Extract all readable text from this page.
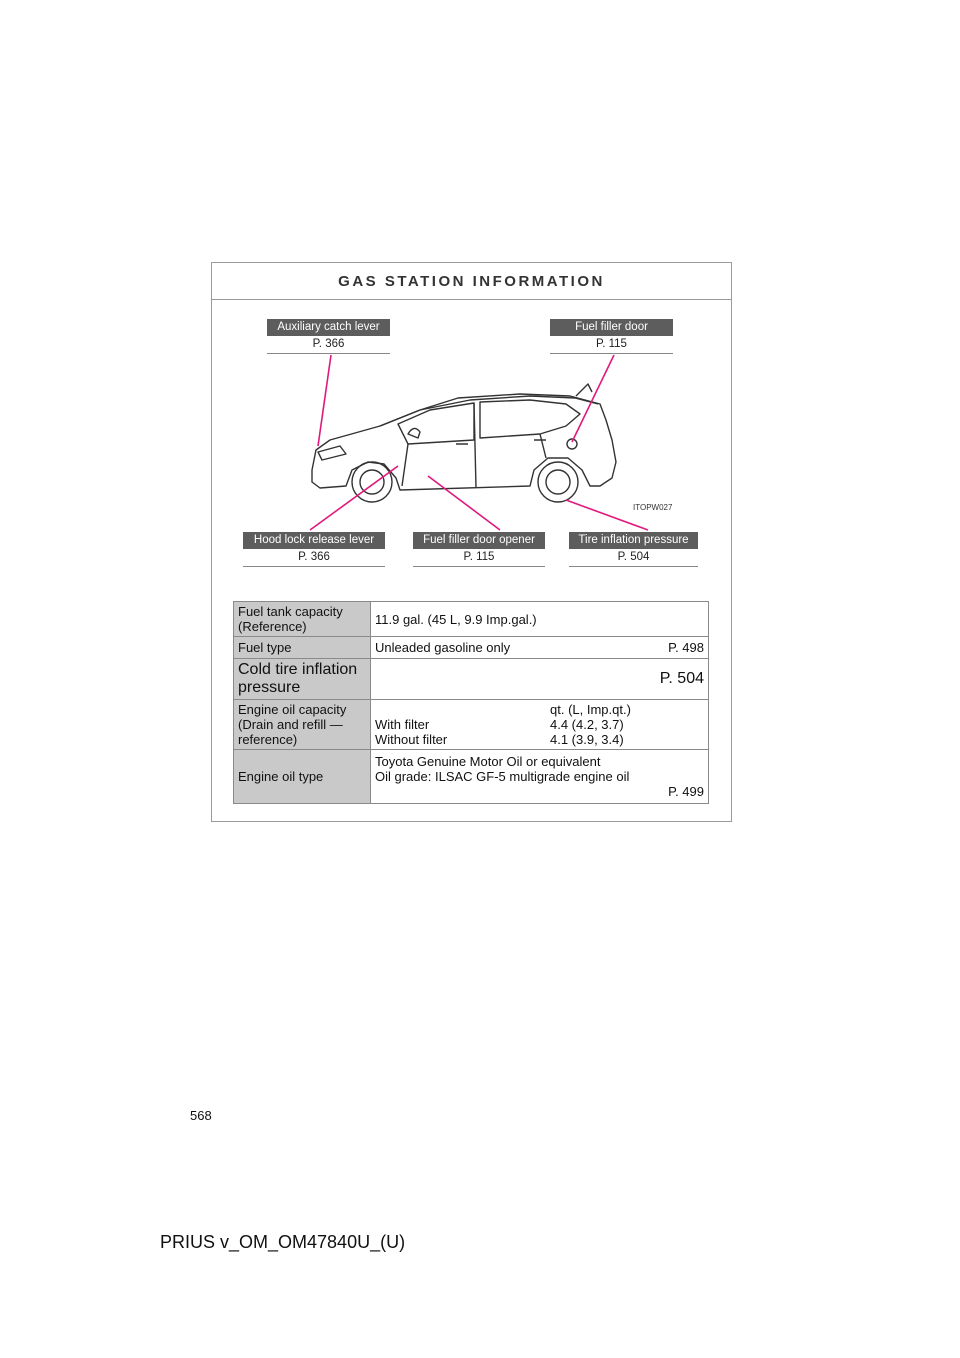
GAS STATION INFORMATION
ITOPW027
Auxiliary catch lever
P. 366
Fuel filler door
P. 115
Hood lock release lever
P. 366
Fuel filler door opener
P. 115
Tire inflation pressure
P. 504
Fuel tank capacity (Reference)	11.9 gal. (45 L, 9.9 Imp.gal.)
Fuel type	Unleaded gasoline only P. 498

Cold tire inflation pressure	P. 504
Engine oil capacity (Drain and refill — reference)	qt. (L, Imp.qt.)
With filter 4.4 (4.2, 3.7)
Without filter 4.1 (3.9, 3.4)

Engine oil type	Toyota Genuine Motor Oil or equivalent
Oil grade: ILSAC GF-5 multigrade engine oil
P. 499
568
PRIUS v_OM_OM47840U_(U)
